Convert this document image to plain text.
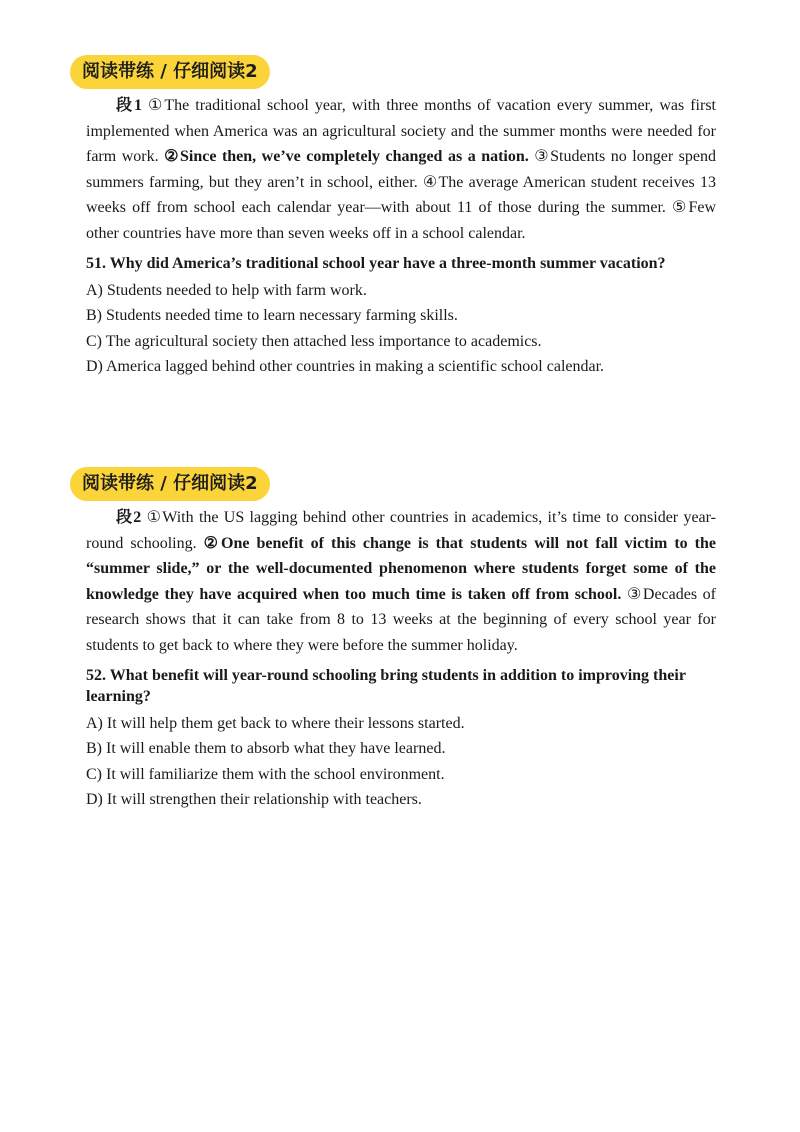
阅读带练 / 仔细阅读2

段1 ①The traditional school year, with three months of vacation every summer, was first implemented when America was an agricultural society and the summer months were needed for farm work. ②Since then, we’ve completely changed as a nation. ③Students no longer spend summers farming, but they aren’t in school, either. ④The average American student receives 13 weeks off from school each calendar year—with about 11 of those during the summer. ⑤Few other countries have more than seven weeks off in a school calendar.

51. Why did America’s traditional school year have a three-month summer vacation?
A) Students needed to help with farm work.
B) Students needed time to learn necessary farming skills.
C) The agricultural society then attached less importance to academics.
D) America lagged behind other countries in making a scientific school calendar.
阅读带练 / 仔细阅读2

段2 ①With the US lagging behind other countries in academics, it’s time to consider year-round schooling. ②One benefit of this change is that students will not fall victim to the “summer slide,” or the well-documented phenomenon where students forget some of the knowledge they have acquired when too much time is taken off from school. ③Decades of research shows that it can take from 8 to 13 weeks at the beginning of every school year for students to get back to where they were before the summer holiday.

52. What benefit will year-round schooling bring students in addition to improving their learning?
A) It will help them get back to where their lessons started.
B) It will enable them to absorb what they have learned.
C) It will familiarize them with the school environment.
D) It will strengthen their relationship with teachers.
